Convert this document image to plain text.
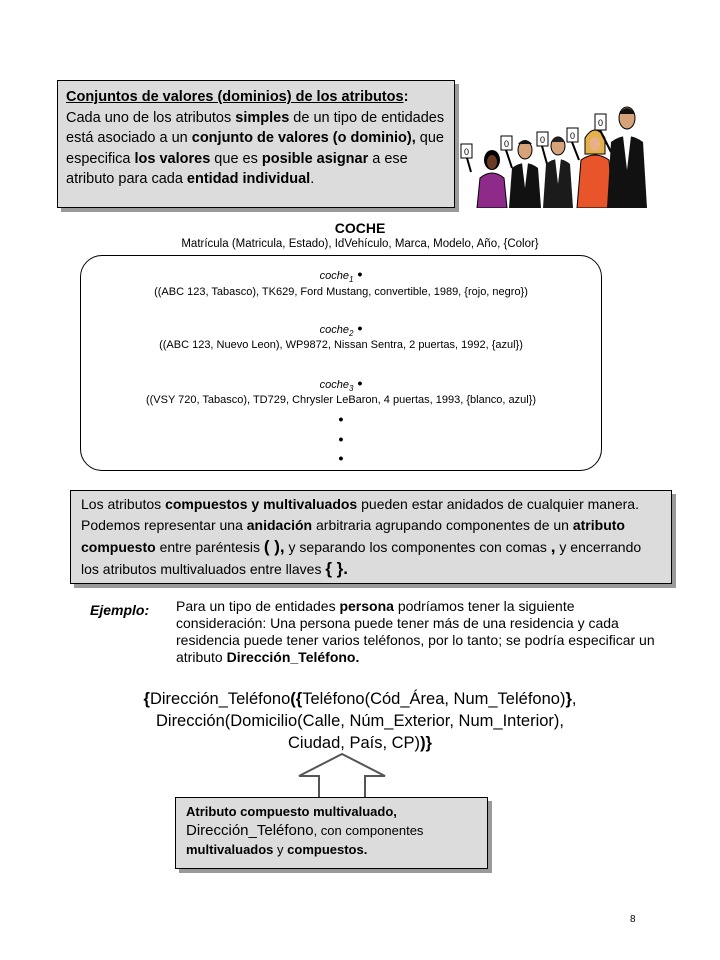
Conjuntos de valores (dominios) de los atributos:
Cada uno de los atributos simples de un tipo de entidades está asociado a un conjunto de valores (o dominio), que especifica los valores que es posible asignar a ese atributo para cada entidad individual.
0
0	0	0
0
COCHE
Matrícula (Matricula, Estado), IdVehículo, Marca, Modelo, Año, {Color}
coche$_1$ •
((ABC 123, Tabasco), TK629, Ford Mustang, convertible, 1989, {rojo, negro})
coche$_2$ •
((ABC 123, Nuevo Leon), WP9872, Nissan Sentra, 2 puertas, 1992, {azul})
coche$_3$ •
((VSY 720, Tabasco), TD729, Chrysler LeBaron, 4 puertas, 1993, {blanco, azul})
•
•
•
Los atributos compuestos y multivaluados pueden estar anidados de cualquier manera. Podemos representar una anidación arbitraria agrupando componentes de un atributo compuesto entre paréntesis ( ), y separando los componentes con comas , y encerrando los atributos multivaluados entre llaves { }.
Ejemplo: Para un tipo de entidades persona podríamos tener la siguiente consideración: Una persona puede tener más de una residencia y cada residencia puede tener varios teléfonos, por lo tanto; se podría especificar un atributo Dirección_Teléfono.
{Dirección_Teléfono({Teléfono(Cód_Área, Num_Teléfono)},
Dirección(Domicilio(Calle, Núm_Exterior, Num_Interior),
Ciudad, País, CP))}
Atributo compuesto multivaluado,
Dirección_Teléfono, con componentes
multivaluados y compuestos.
8
